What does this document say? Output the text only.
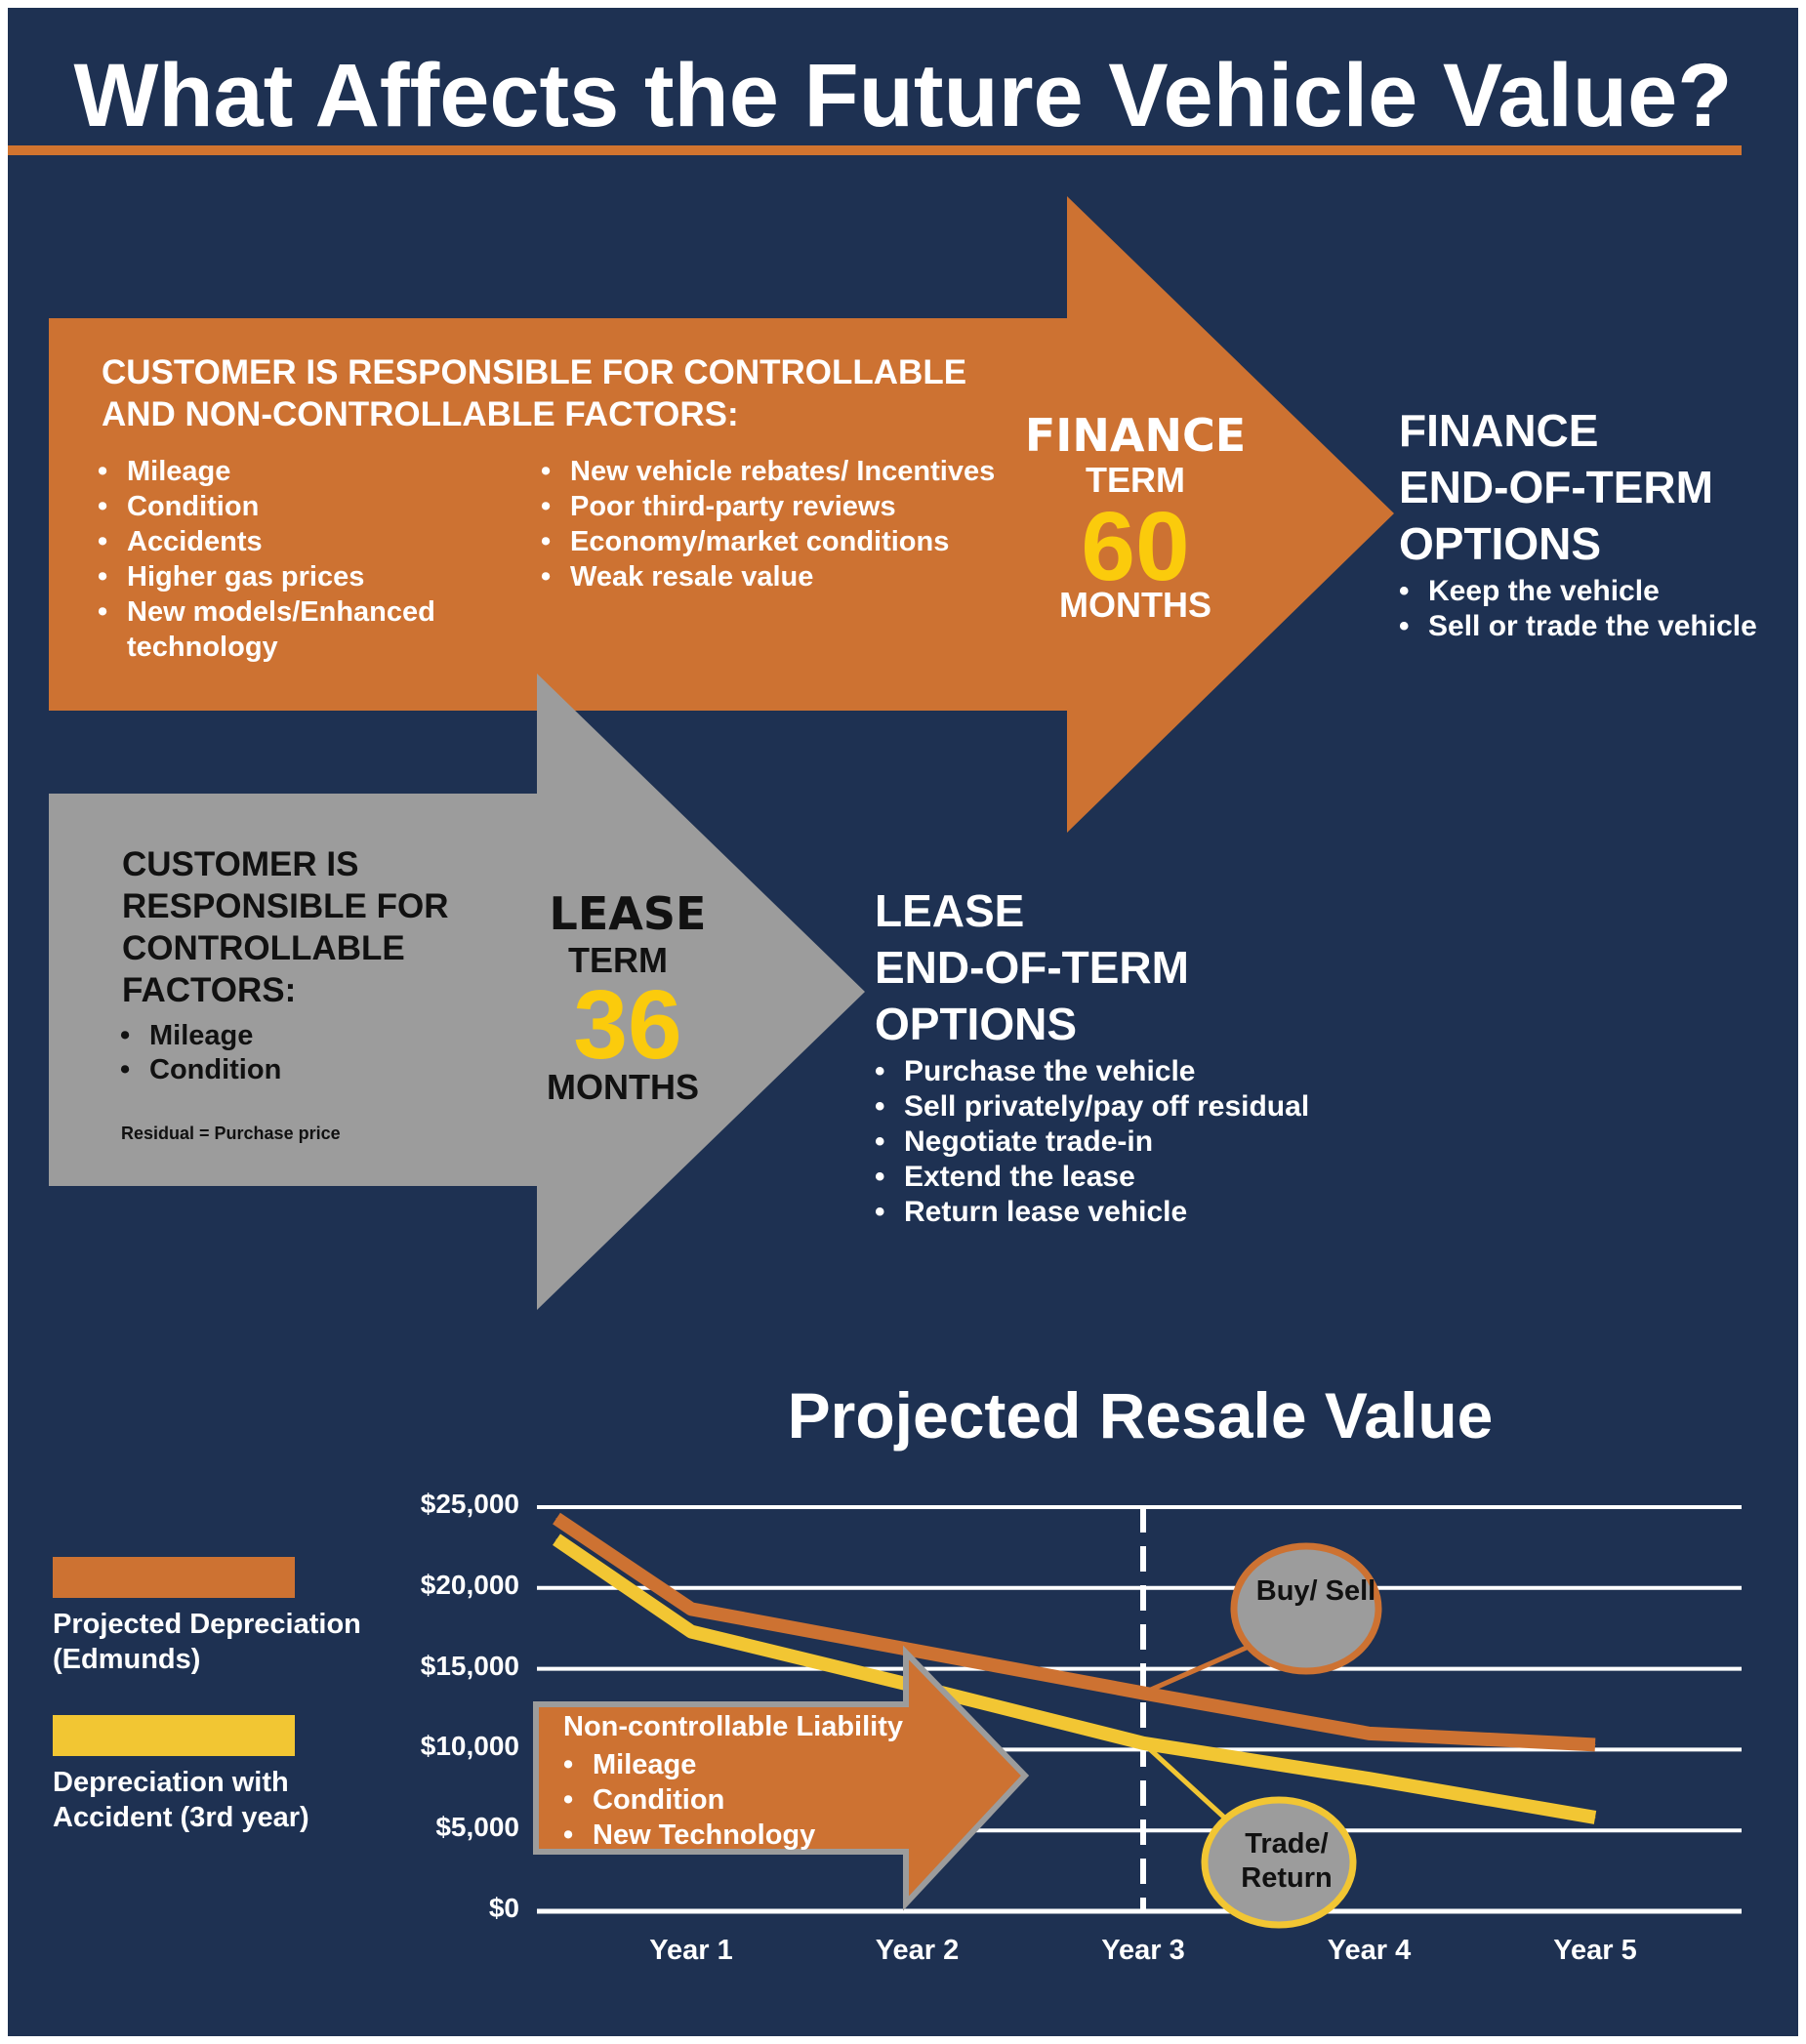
What Affects the Future Vehicle Value?
CUSTOMER IS RESPONSIBLE FOR CONTROLLABLE AND NON-CONTROLLABLE FACTORS:
• Mileage
• Condition
• Accidents
• Higher gas prices
• New models/Enhanced technology
• New vehicle rebates/ Incentives
• Poor third-party reviews
• Economy/market conditions
• Weak resale value
FINANCE
TERM
60
MONTHS
FINANCE
END-OF-TERM
OPTIONS
• Keep the vehicle
• Sell or trade the vehicle
CUSTOMER IS RESPONSIBLE FOR CONTROLLABLE FACTORS:
• Mileage
• Condition
Residual = Purchase price
LEASE
TERM
36
MONTHS
LEASE
END-OF-TERM
OPTIONS
• Purchase the vehicle
• Sell privately/pay off residual
• Negotiate trade-in
• Extend the lease
• Return lease vehicle
Projected Resale Value
Projected Depreciation (Edmunds)
Depreciation with Accident (3rd year)
$0
$5,000
$10,000
$15,000
$20,000
$25,000
Year 1	Year 2	Year 3	Year 4	Year 5
Non-controllable Liability
• Mileage
• Condition
• New Technology
Buy/ Sell
Trade/ Return
